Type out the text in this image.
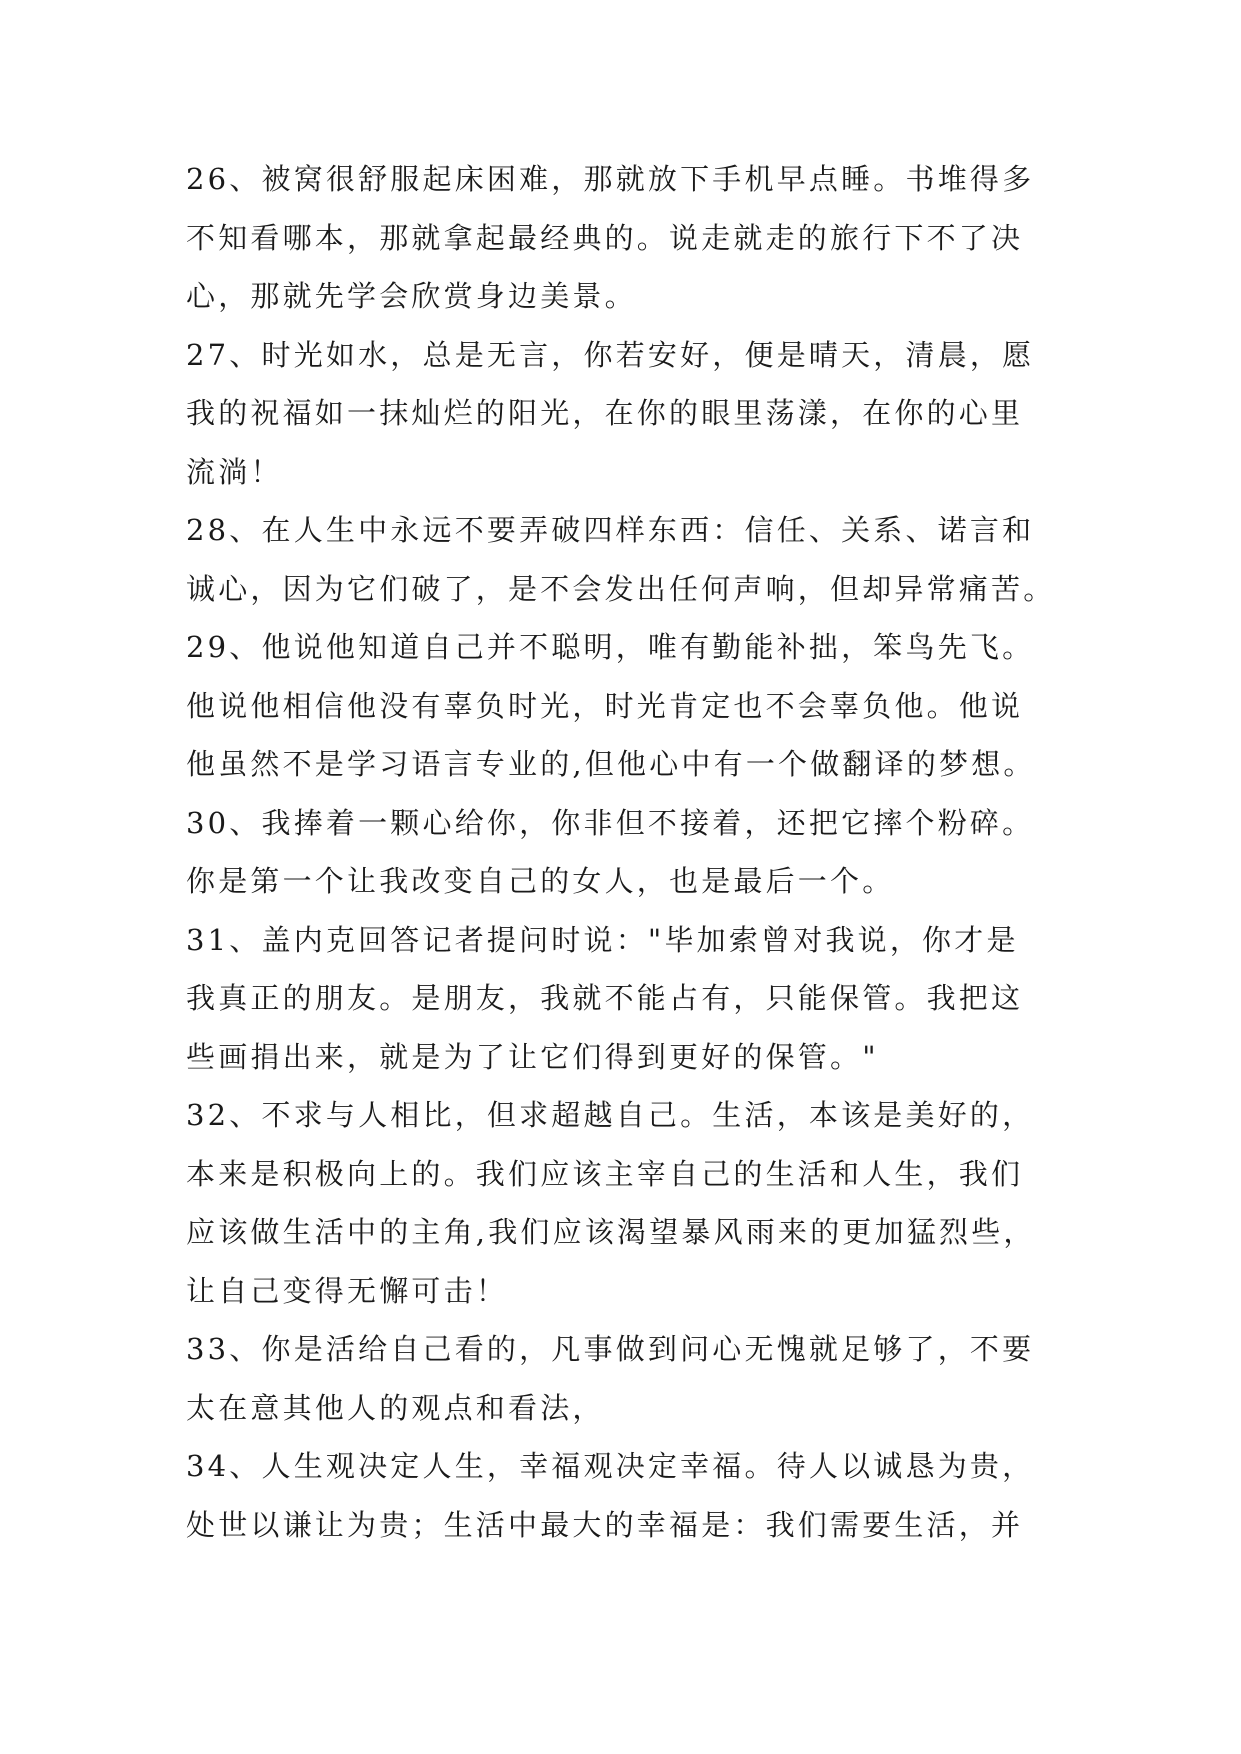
26、被窝很舒服起床困难，那就放下手机早点睡。书堆得多
不知看哪本，那就拿起最经典的。说走就走的旅行下不了决
心，那就先学会欣赏身边美景。
27、时光如水，总是无言，你若安好，便是晴天，清晨，愿
我的祝福如一抹灿烂的阳光，在你的眼里荡漾，在你的心里
流淌！
28、在人生中永远不要弄破四样东西：信任、关系、诺言和
诚心，因为它们破了，是不会发出任何声响，但却异常痛苦。
29、他说他知道自己并不聪明，唯有勤能补拙，笨鸟先飞。
他说他相信他没有辜负时光，时光肯定也不会辜负他。他说
他虽然不是学习语言专业的,但他心中有一个做翻译的梦想。
30、我捧着一颗心给你，你非但不接着，还把它摔个粉碎。
你是第一个让我改变自己的女人，也是最后一个。
31、盖内克回答记者提问时说："毕加索曾对我说，你才是
我真正的朋友。是朋友，我就不能占有，只能保管。我把这
些画捐出来，就是为了让它们得到更好的保管。"
32、不求与人相比，但求超越自己。生活，本该是美好的，
本来是积极向上的。我们应该主宰自己的生活和人生，我们
应该做生活中的主角,我们应该渴望暴风雨来的更加猛烈些，
让自己变得无懈可击！
33、你是活给自己看的，凡事做到问心无愧就足够了，不要
太在意其他人的观点和看法，
34、人生观决定人生，幸福观决定幸福。待人以诚恳为贵，
处世以谦让为贵；生活中最大的幸福是：我们需要生活，并
